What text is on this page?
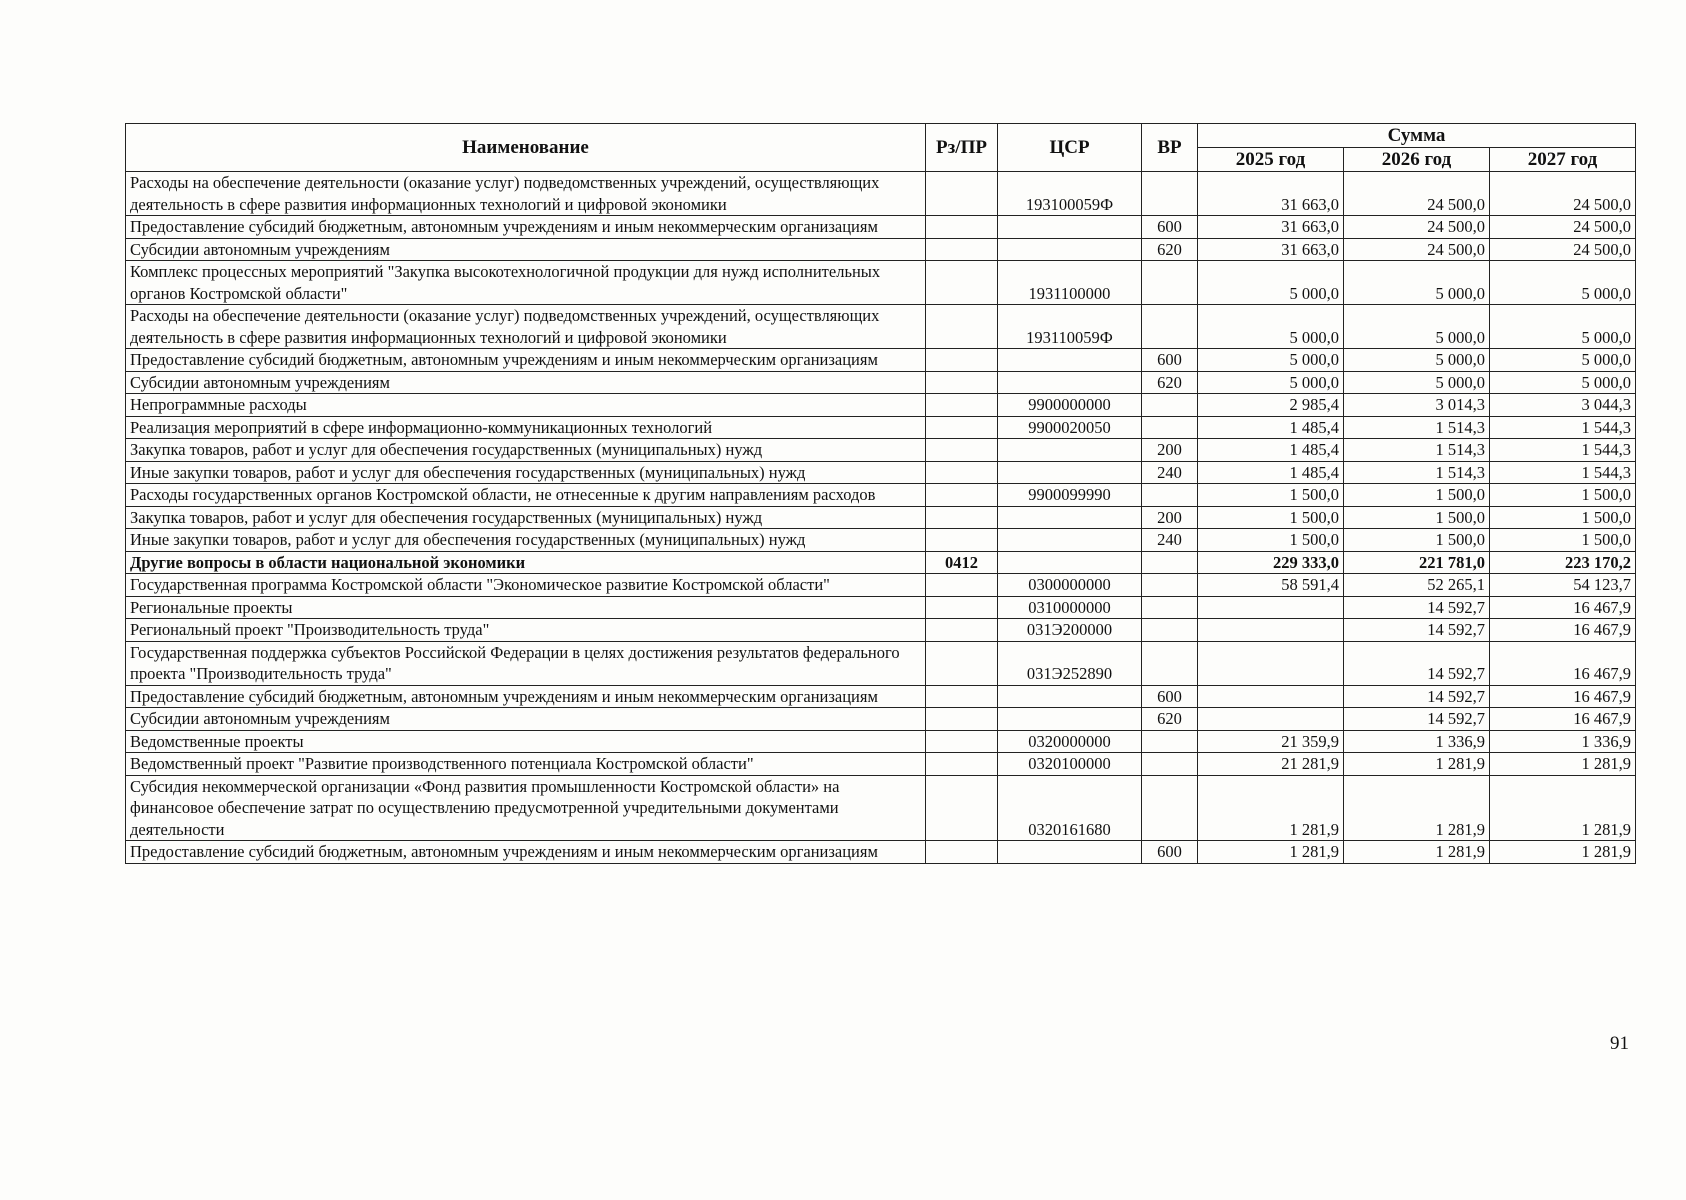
Наименование	Рз/ПР	ЦСР	ВР	Сумма		
				2025 год	2026 год	2027 год
Расходы на обеспечение деятельности (оказание услуг) подведомственных учреждений, осуществляющих деятельность в сфере развития информационных технологий и цифровой экономики		193100059Ф		31 663,0	24 500,0	24 500,0
Предоставление субсидий бюджетным, автономным учреждениям и иным некоммерческим организациям			600	31 663,0	24 500,0	24 500,0
Субсидии автономным учреждениям			620	31 663,0	24 500,0	24 500,0
Комплекс процессных мероприятий "Закупка высокотехнологичной продукции для нужд исполнительных органов Костромской области"		1931100000		5 000,0	5 000,0	5 000,0
Расходы на обеспечение деятельности (оказание услуг) подведомственных учреждений, осуществляющих деятельность в сфере развития информационных технологий и цифровой экономики		193110059Ф		5 000,0	5 000,0	5 000,0
Предоставление субсидий бюджетным, автономным учреждениям и иным некоммерческим организациям			600	5 000,0	5 000,0	5 000,0
Субсидии автономным учреждениям			620	5 000,0	5 000,0	5 000,0
Непрограммные расходы		9900000000		2 985,4	3 014,3	3 044,3
Реализация мероприятий в сфере информационно-коммуникационных технологий		9900020050		1 485,4	1 514,3	1 544,3
Закупка товаров, работ и услуг для обеспечения государственных (муниципальных) нужд			200	1 485,4	1 514,3	1 544,3
Иные закупки товаров, работ и услуг для обеспечения государственных (муниципальных) нужд			240	1 485,4	1 514,3	1 544,3
Расходы государственных органов Костромской области, не отнесенные к другим направлениям расходов		9900099990		1 500,0	1 500,0	1 500,0
Закупка товаров, работ и услуг для обеспечения государственных (муниципальных) нужд			200	1 500,0	1 500,0	1 500,0
Иные закупки товаров, работ и услуг для обеспечения государственных (муниципальных) нужд			240	1 500,0	1 500,0	1 500,0
Другие вопросы в области национальной экономики	0412			229 333,0	221 781,0	223 170,2
Государственная программа Костромской области "Экономическое развитие Костромской области"		0300000000		58 591,4	52 265,1	54 123,7
Региональные проекты		0310000000			14 592,7	16 467,9
Региональный проект "Производительность труда"		031Э200000			14 592,7	16 467,9
Государственная поддержка субъектов Российской Федерации в целях достижения результатов федерального проекта "Производительность труда"		031Э252890			14 592,7	16 467,9
Предоставление субсидий бюджетным, автономным учреждениям и иным некоммерческим организациям			600		14 592,7	16 467,9
Субсидии автономным учреждениям			620		14 592,7	16 467,9
Ведомственные проекты		0320000000		21 359,9	1 336,9	1 336,9
Ведомственный проект "Развитие производственного потенциала Костромской области"		0320100000		21 281,9	1 281,9	1 281,9
Субсидия некоммерческой организации «Фонд развития промышленности Костромской области» на финансовое обеспечение затрат по осуществлению предусмотренной учредительными документами деятельности		0320161680		1 281,9	1 281,9	1 281,9
Предоставление субсидий бюджетным, автономным учреждениям и иным некоммерческим организациям			600	1 281,9	1 281,9	1 281,9
91
